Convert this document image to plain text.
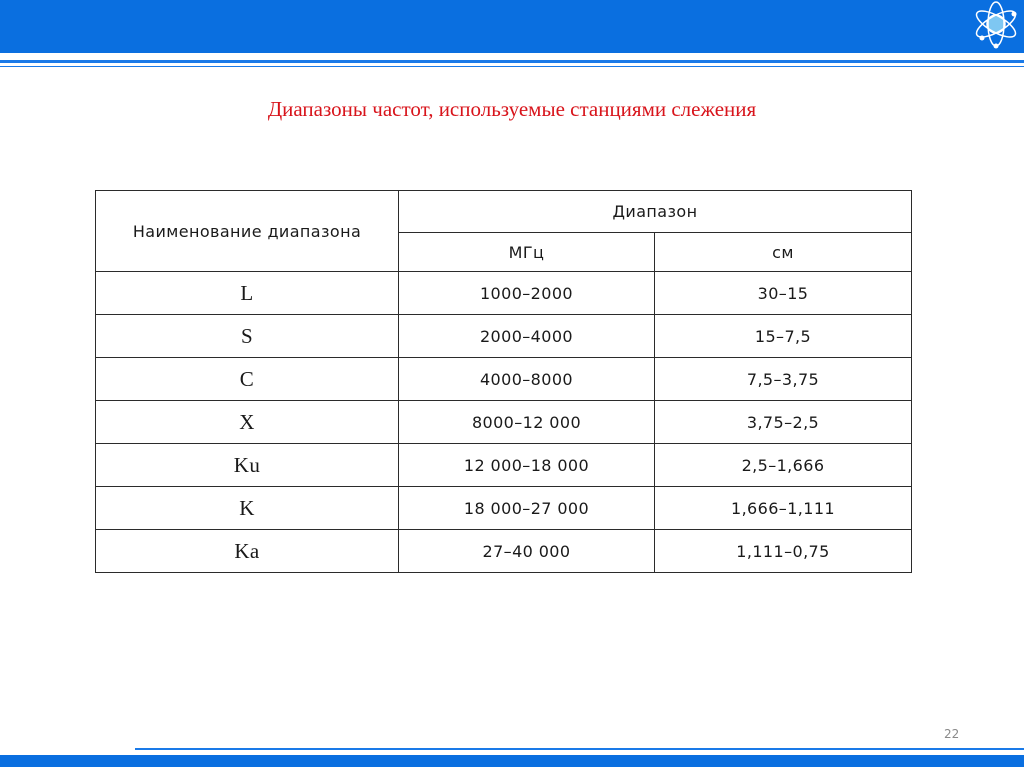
Диапазоны частот, используемые станциями слежения
Наименование диапазона	Диапазон	
	МГц	см
L	1000–2000	30–15
S	2000–4000	15–7,5
C	4000–8000	7,5–3,75
X	8000–12 000	3,75–2,5
Ku	12 000–18 000	2,5–1,666
K	18 000–27 000	1,666–1,111
Ka	27–40 000	1,111–0,75
22
